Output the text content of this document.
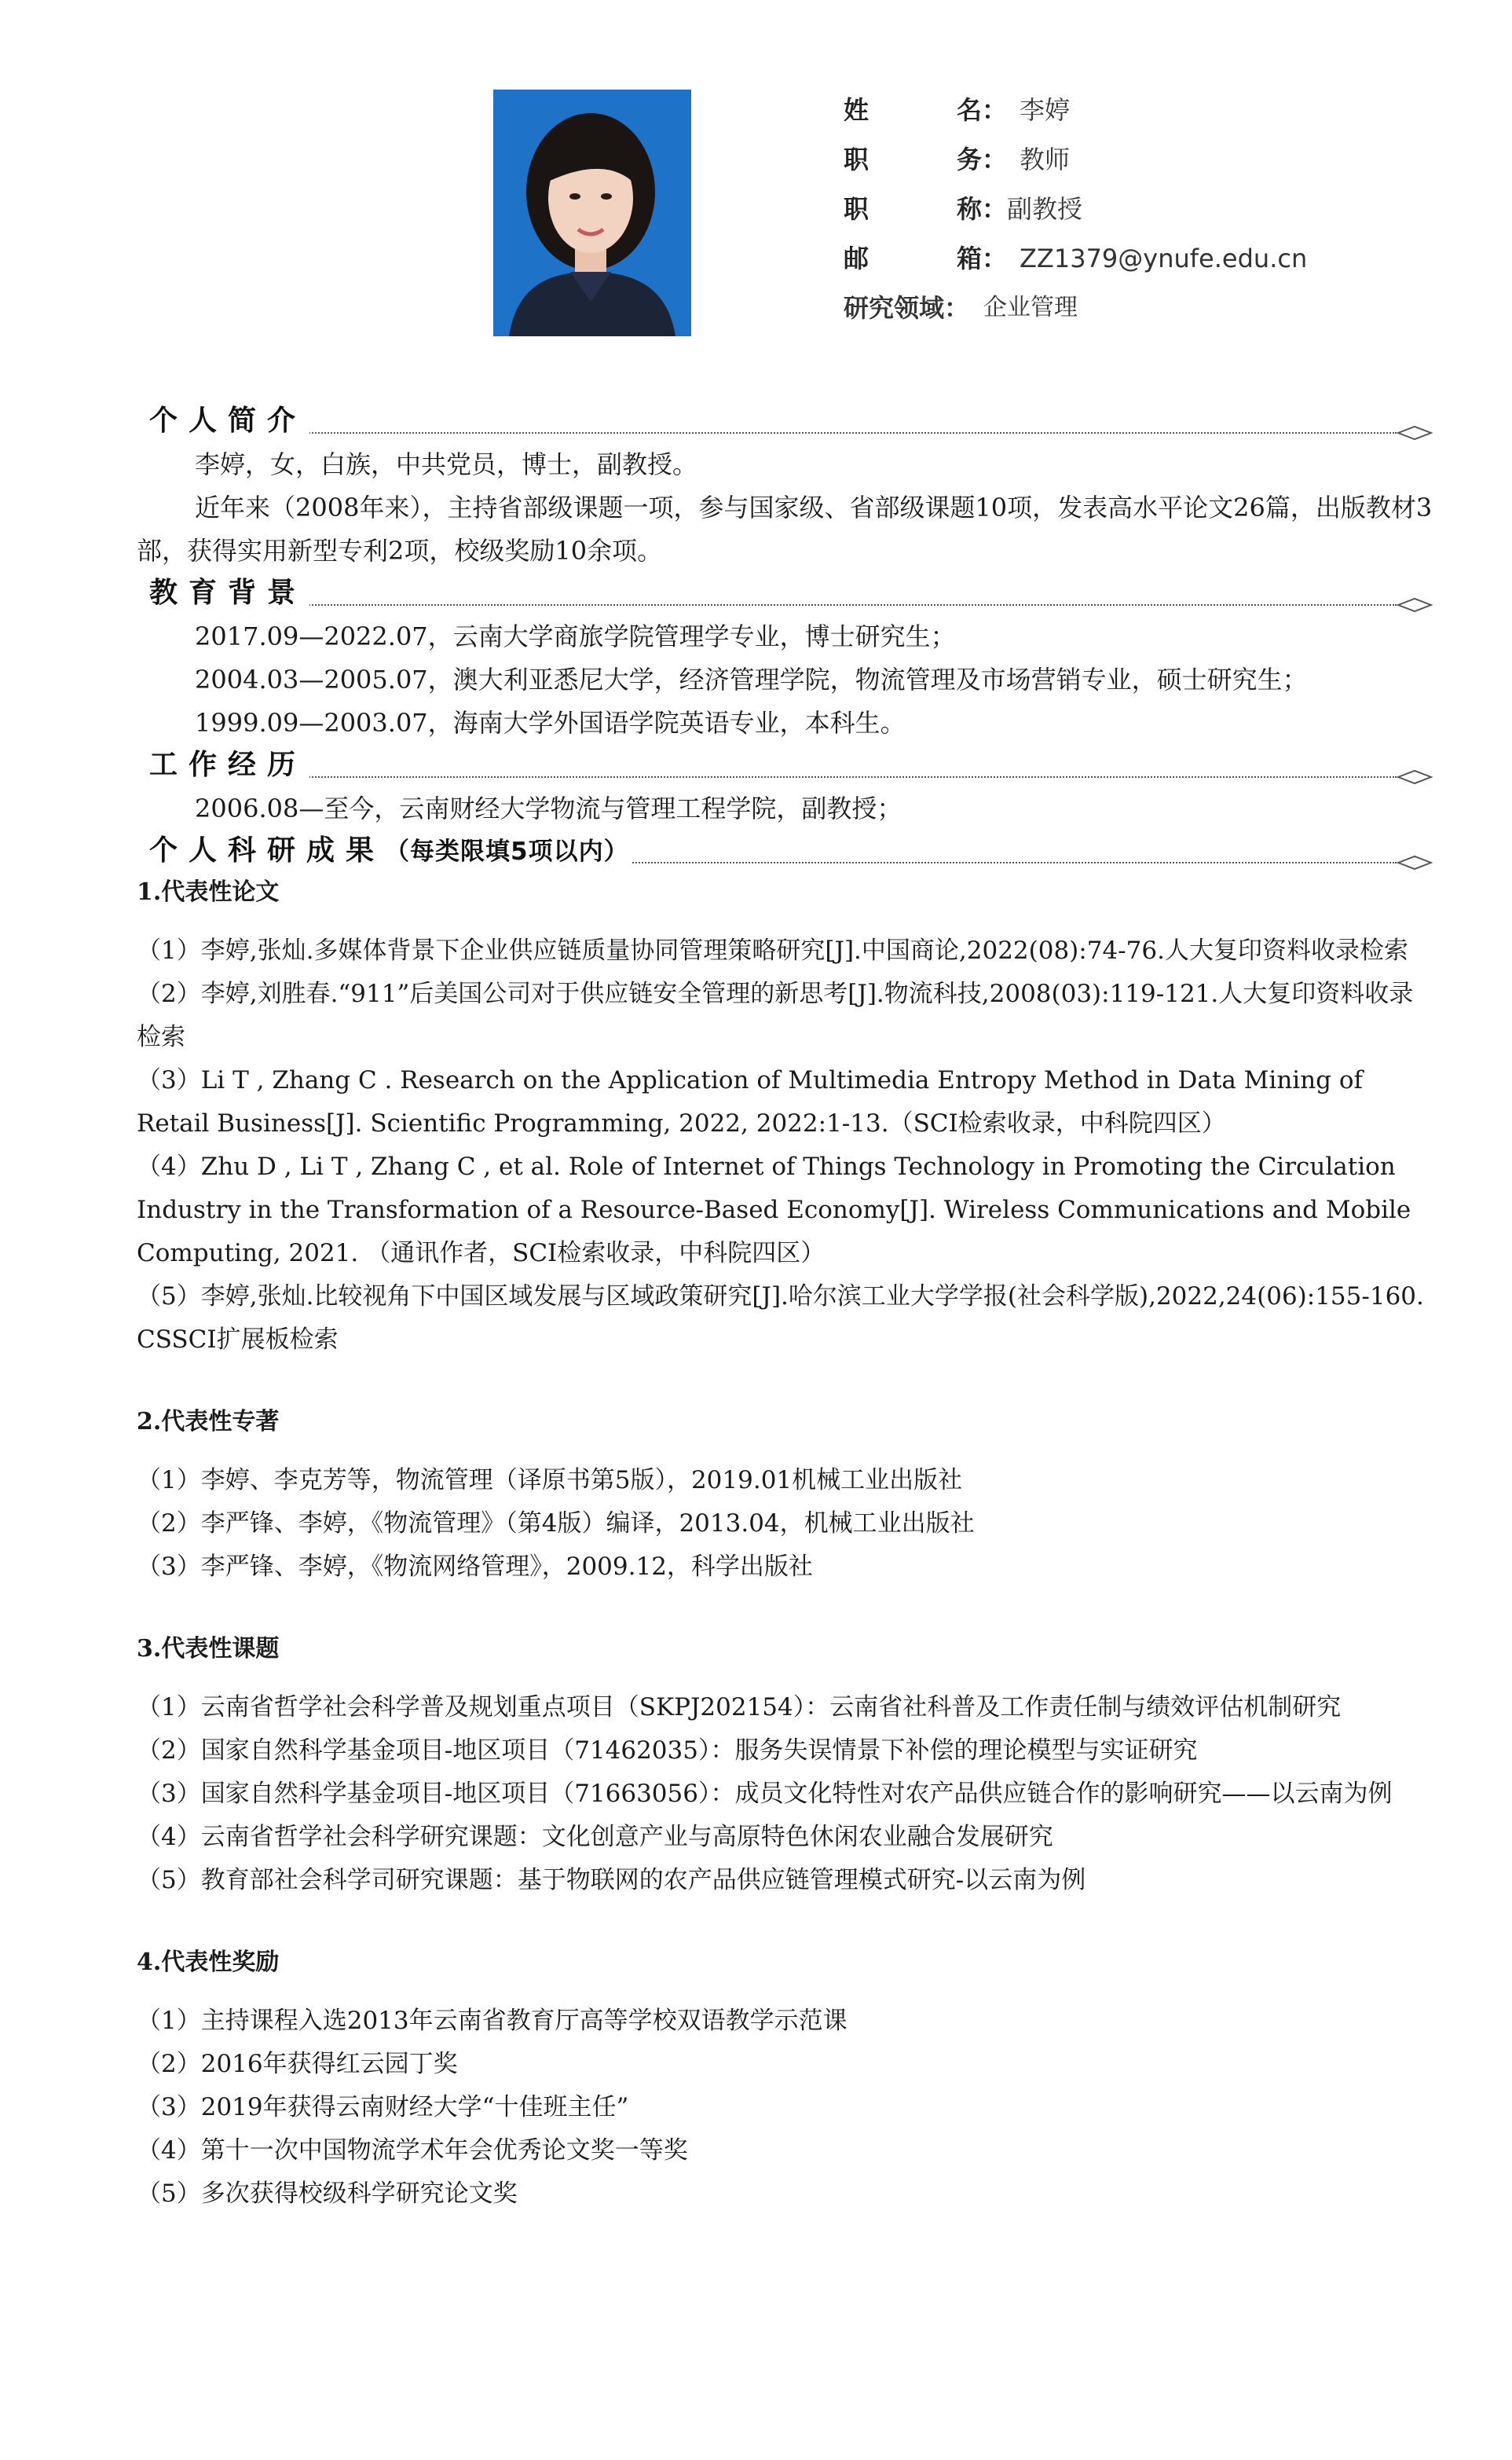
姓	名 ： 李婷
职	务 ： 教师
职	称 ： 副教授
邮	箱 ： ZZ1379@ynufe.edu.cn
研究领域： 企业管理
个人简介

李婷，女，白族，中共党员，博士，副教授。

近年来（2008年来），主持省部级课题一项，参与国家级、省部级课题10项，发表高水平论文26篇，出版教材3部，获得实用新型专利2项，校级奖励10余项。

教育背景

2017.09—2022.07，云南大学商旅学院管理学专业，博士研究生；

2004.03—2005.07，澳大利亚悉尼大学，经济管理学院，物流管理及市场营销专业，硕士研究生；

1999.09—2003.07，海南大学外国语学院英语专业，本科生。

工作经历

2006.08—至今，云南财经大学物流与管理工程学院，副教授；

个人科研成果（每类限填5项以内）

1.代表性论文

（1）李婷,张灿.多媒体背景下企业供应链质量协同管理策略研究[J].中国商论,2022(08):74-76.人大复印资料收录检索

（2）李婷,刘胜春.“911”后美国公司对于供应链安全管理的新思考[J].物流科技,2008(03):119-121.人大复印资料收录检索

（3）Li T , Zhang C . Research on the Application of Multimedia Entropy Method in Data Mining of Retail Business[J]. Scientific Programming, 2022, 2022:1-13.（SCI检索收录，中科院四区）

（4）Zhu D , Li T , Zhang C , et al. Role of Internet of Things Technology in Promoting the Circulation Industry in the Transformation of a Resource-Based Economy[J]. Wireless Communications and Mobile Computing, 2021. （通讯作者，SCI检索收录，中科院四区）

（5）李婷,张灿.比较视角下中国区域发展与区域政策研究[J].哈尔滨工业大学学报(社会科学版),2022,24(06):155-160. CSSCI扩展板检索

2.代表性专著

（1）李婷、李克芳等，物流管理（译原书第5版），2019.01机械工业出版社

（2）李严锋、李婷，《物流管理》（第4版）编译，2013.04，机械工业出版社

（3）李严锋、李婷，《物流网络管理》，2009.12，科学出版社

3.代表性课题

（1）云南省哲学社会科学普及规划重点项目（SKPJ202154）：云南省社科普及工作责任制与绩效评估机制研究

（2）国家自然科学基金项目-地区项目（71462035）：服务失误情景下补偿的理论模型与实证研究

（3）国家自然科学基金项目-地区项目（71663056）：成员文化特性对农产品供应链合作的影响研究——以云南为例

（4）云南省哲学社会科学研究课题：文化创意产业与高原特色休闲农业融合发展研究

（5）教育部社会科学司研究课题：基于物联网的农产品供应链管理模式研究-以云南为例

4.代表性奖励

（1）主持课程入选2013年云南省教育厅高等学校双语教学示范课

（2）2016年获得红云园丁奖

（3）2019年获得云南财经大学“十佳班主任”

（4）第十一次中国物流学术年会优秀论文奖一等奖

（5）多次获得校级科学研究论文奖
